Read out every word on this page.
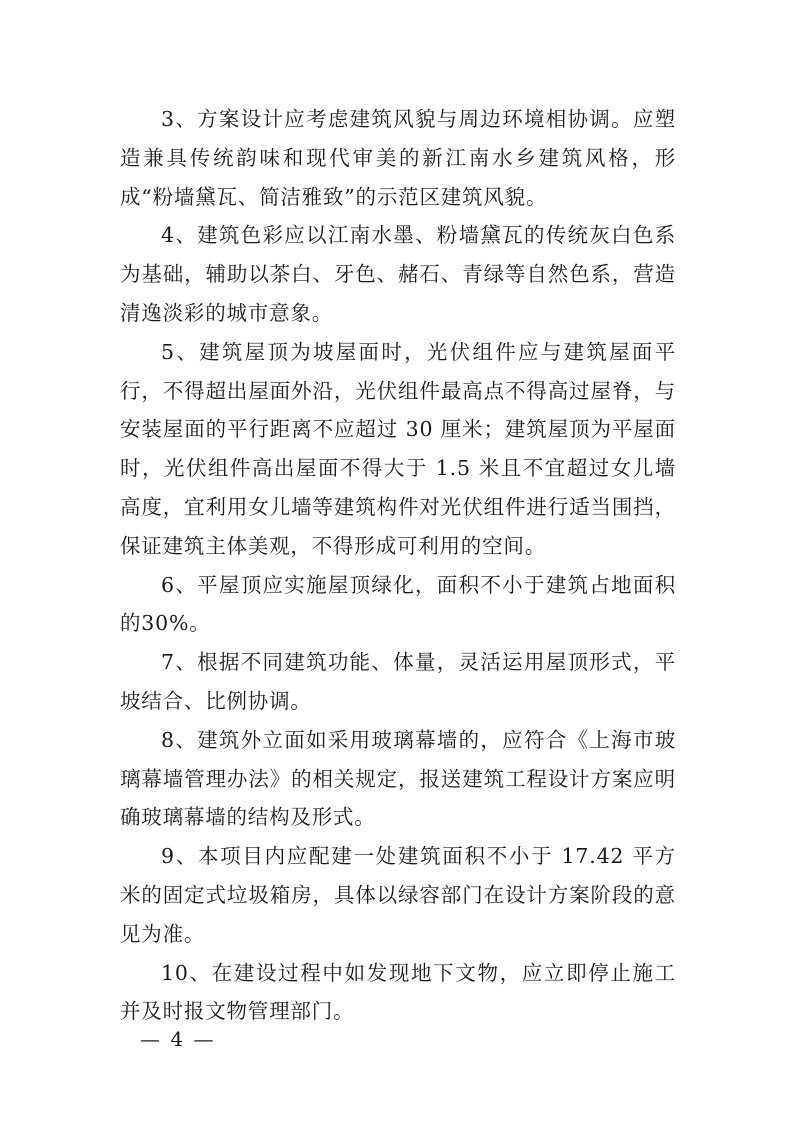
3、方案设计应考虑建筑风貌与周边环境相协调。应塑造兼具传统韵味和现代审美的新江南水乡建筑风格，形成“粉墙黛瓦、简洁雅致”的示范区建筑风貌。

4、建筑色彩应以江南水墨、粉墙黛瓦的传统灰白色系为基础，辅助以茶白、牙色、赭石、青绿等自然色系，营造清逸淡彩的城市意象。

5、建筑屋顶为坡屋面时，光伏组件应与建筑屋面平行，不得超出屋面外沿，光伏组件最高点不得高过屋脊，与安装屋面的平行距离不应超过 30 厘米；建筑屋顶为平屋面时，光伏组件高出屋面不得大于 1.5 米且不宜超过女儿墙高度，宜利用女儿墙等建筑构件对光伏组件进行适当围挡，保证建筑主体美观，不得形成可利用的空间。

6、平屋顶应实施屋顶绿化，面积不小于建筑占地面积的30%。

7、根据不同建筑功能、体量，灵活运用屋顶形式，平坡结合、比例协调。

8、建筑外立面如采用玻璃幕墙的，应符合《上海市玻璃幕墙管理办法》的相关规定，报送建筑工程设计方案应明确玻璃幕墙的结构及形式。

9、本项目内应配建一处建筑面积不小于 17.42 平方米的固定式垃圾箱房，具体以绿容部门在设计方案阶段的意见为准。

10、在建设过程中如发现地下文物，应立即停止施工并及时报文物管理部门。

— 4 —
